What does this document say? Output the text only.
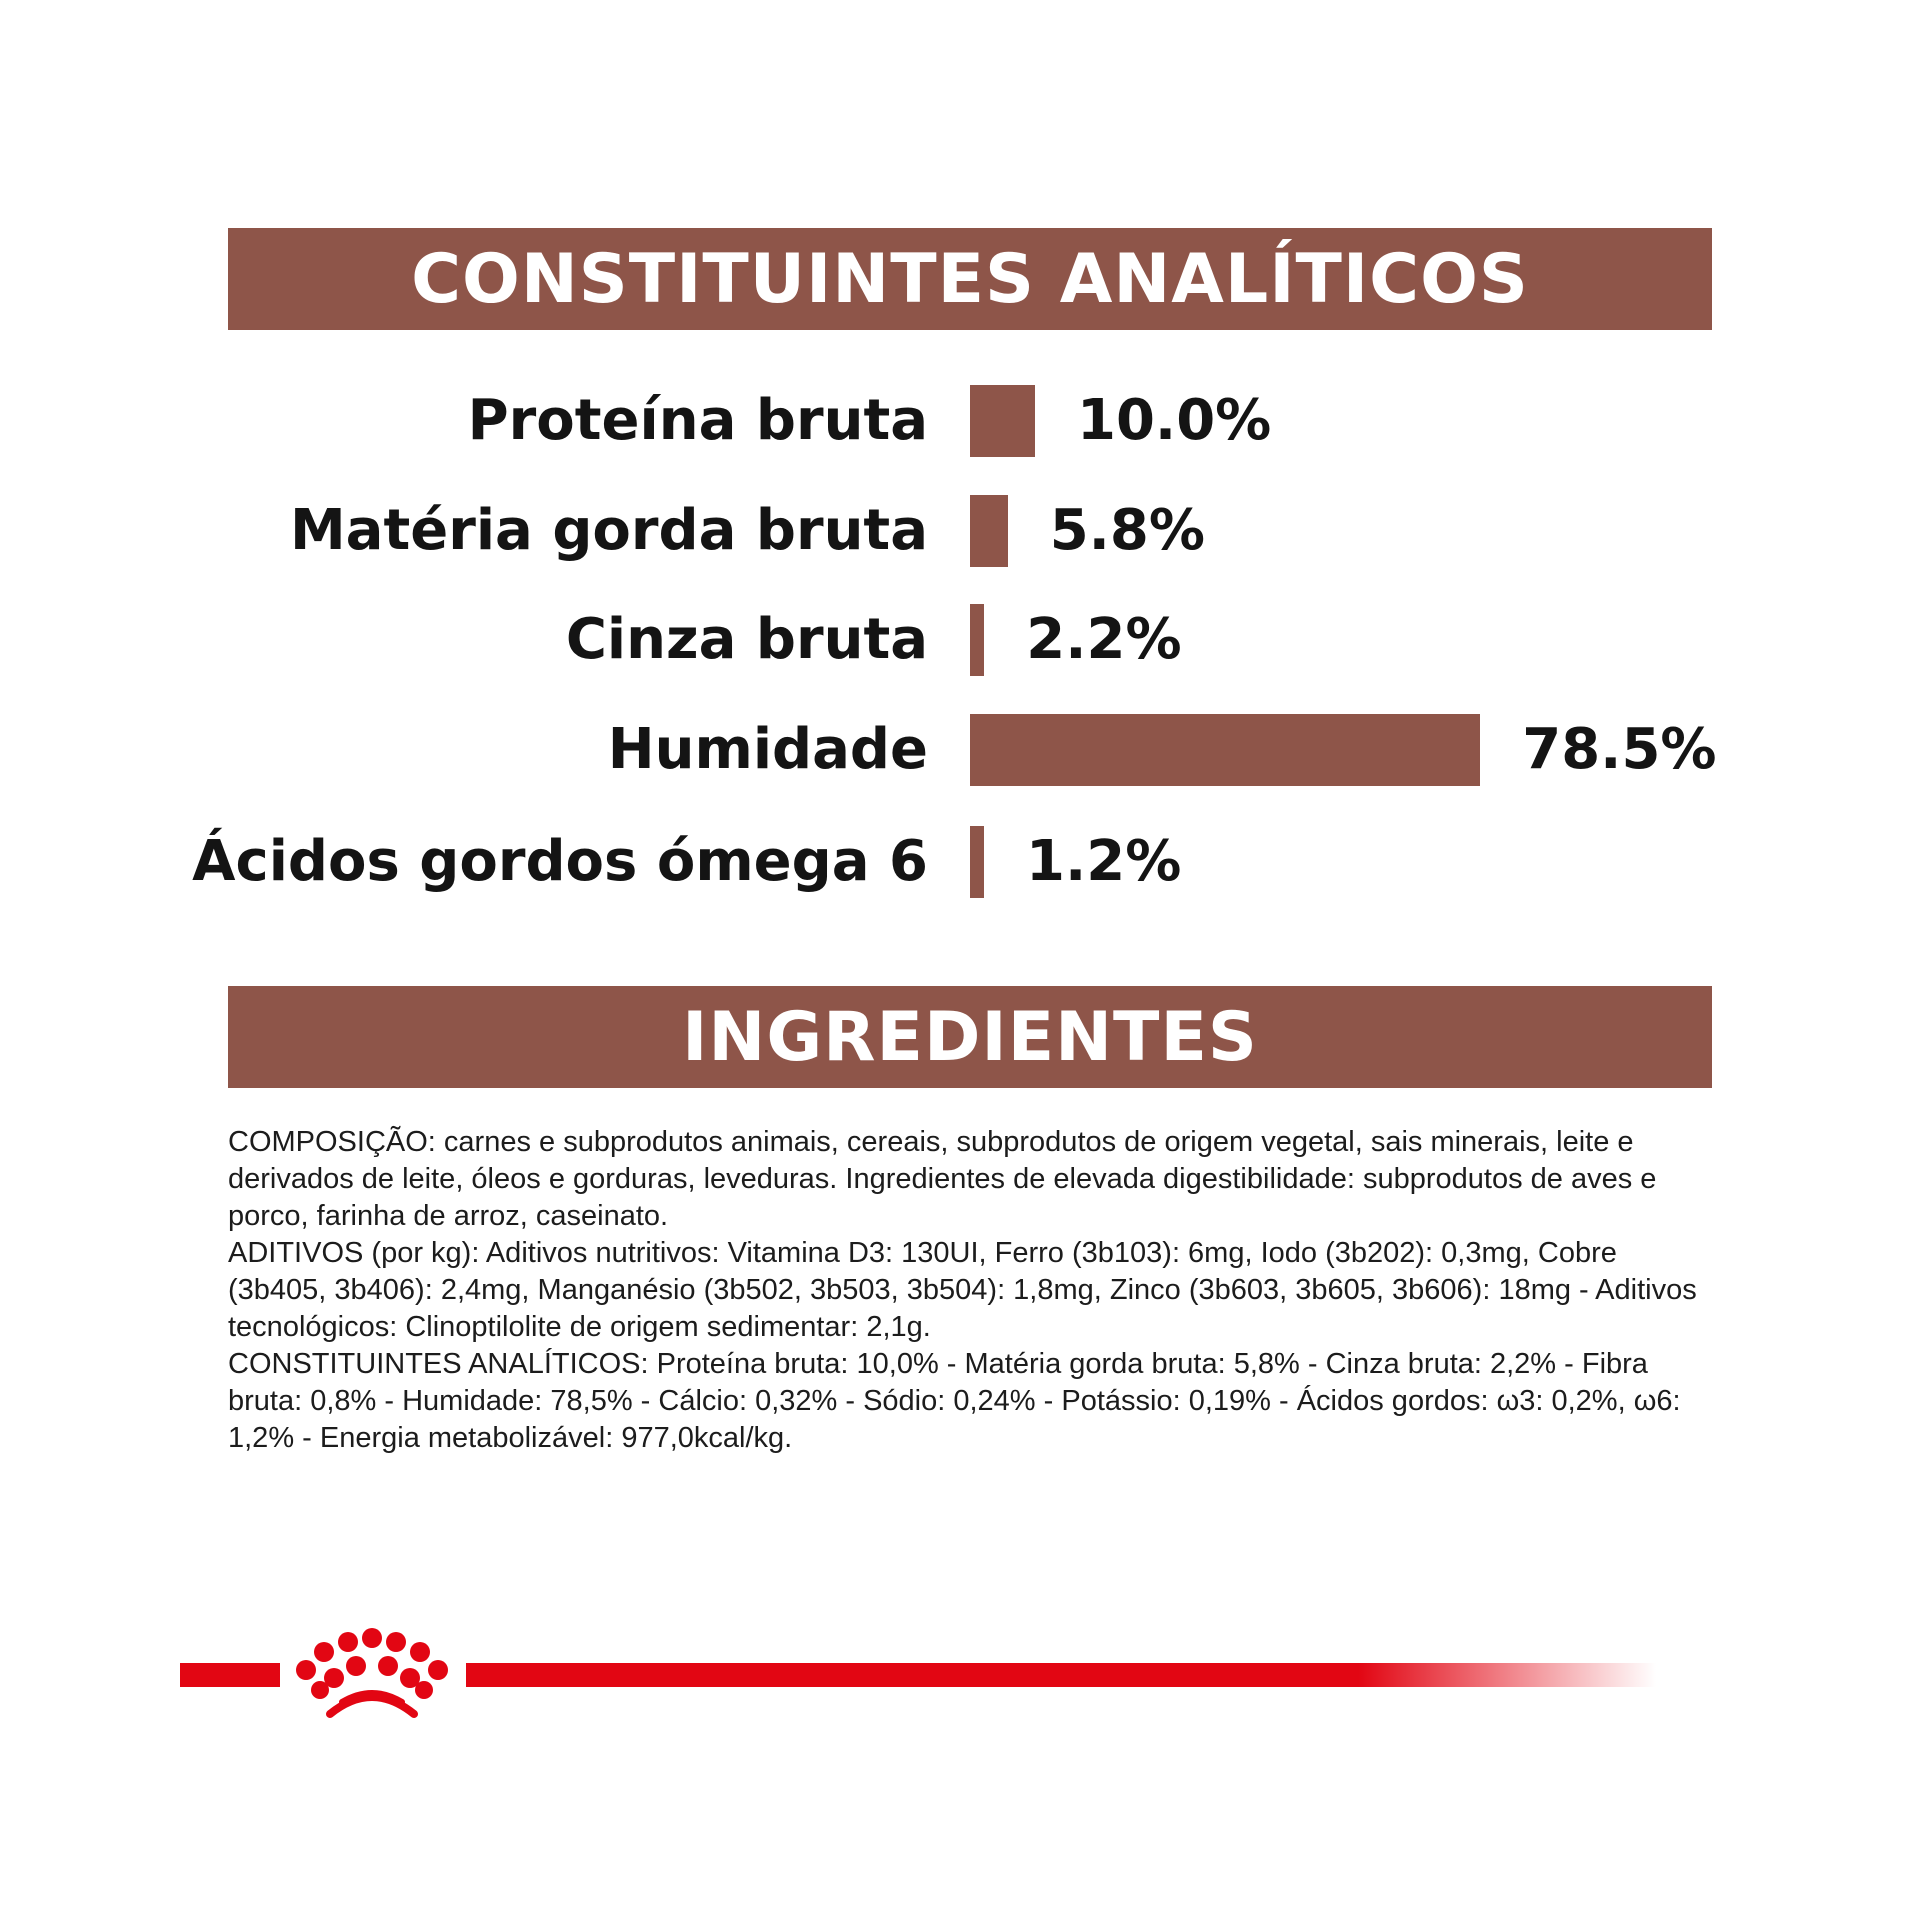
CONSTITUINTES ANALÍTICOS
Proteína bruta	10.0%
Matéria gorda bruta 5.8%
Cinza bruta 2.2%
Humidade	78.5%
Ácidos gordos ómega 6 1.2%
INGREDIENTES

COMPOSIÇÃO: carnes e subprodutos animais, cereais, subprodutos de origem vegetal, sais minerais, leite e derivados de leite, óleos e gorduras, leveduras. Ingredientes de elevada digestibilidade: subprodutos de aves e porco, farinha de arroz, caseinato.

ADITIVOS (por kg): Aditivos nutritivos: Vitamina D3: 130UI, Ferro (3b103): 6mg, Iodo (3b202): 0,3mg, Cobre (3b405, 3b406): 2,4mg, Manganésio (3b502, 3b503, 3b504): 1,8mg, Zinco (3b603, 3b605, 3b606): 18mg - Aditivos tecnológicos: Clinoptilolite de origem sedimentar: 2,1g.

CONSTITUINTES ANALÍTICOS: Proteína bruta: 10,0% - Matéria gorda bruta: 5,8% - Cinza bruta: 2,2% - Fibra bruta: 0,8% - Humidade: 78,5% - Cálcio: 0,32% - Sódio: 0,24% - Potássio: 0,19% - Ácidos gordos: ω3: 0,2%, ω6: 1,2% - Energia metabolizável: 977,0kcal/kg.
